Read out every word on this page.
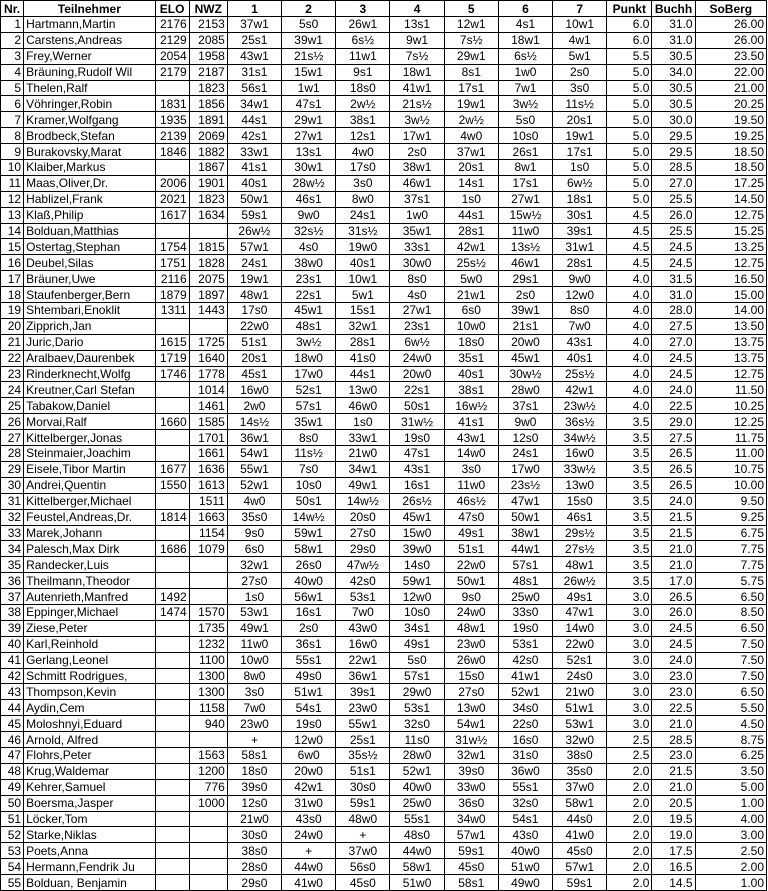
Nr.	Teilnehmer	ELO	NWZ	1	2	3	4	5	6	7	Punkt	Buchh	SoBerg
1	Hartmann,Martin	2176	2153	37w1	5s0	26w1	13s1	12w1	4s1	10w1	6.0	31.0	26.00
2	Carstens,Andreas	2129	2085	25s1	39w1	6s½	9w1	7s½	18w1	4w1	6.0	31.0	26.00
3	Frey,Werner	2054	1958	43w1	21s½	11w1	7s½	29w1	6s½	5w1	5.5	30.5	23.50
4	Bräuning,Rudolf Wil	2179	2187	31s1	15w1	9s1	18w1	8s1	1w0	2s0	5.0	34.0	22.00
5	Thelen,Ralf		1823	56s1	1w1	18s0	41w1	17s1	7w1	3s0	5.0	30.5	21.00
6	Vöhringer,Robin	1831	1856	34w1	47s1	2w½	21s½	19w1	3w½	11s½	5.0	30.5	20.25
7	Kramer,Wolfgang	1935	1891	44s1	29w1	38s1	3w½	2w½	5s0	20s1	5.0	30.0	19.50
8	Brodbeck,Stefan	2139	2069	42s1	27w1	12s1	17w1	4w0	10s0	19w1	5.0	29.5	19.25
9	Burakovsky,Marat	1846	1882	33w1	13s1	4w0	2s0	37w1	26s1	17s1	5.0	29.5	18.50
10	Klaiber,Markus		1867	41s1	30w1	17s0	38w1	20s1	8w1	1s0	5.0	28.5	18.50
11	Maas,Oliver,Dr.	2006	1901	40s1	28w½	3s0	46w1	14s1	17s1	6w½	5.0	27.0	17.25
12	Hablizel,Frank	2021	1823	50w1	46s1	8w0	37s1	1s0	27w1	18s1	5.0	25.5	14.50
13	Klaß,Philip	1617	1634	59s1	9w0	24s1	1w0	44s1	15w½	30s1	4.5	26.0	12.75
14	Bolduan,Matthias			26w½	32s½	31s½	35w1	28s1	11w0	39s1	4.5	25.5	15.25
15	Ostertag,Stephan	1754	1815	57w1	4s0	19w0	33s1	42w1	13s½	31w1	4.5	24.5	13.25
16	Deubel,Silas	1751	1828	24s1	38w0	40s1	30w0	25s½	46w1	28s1	4.5	24.5	12.75
17	Bräuner,Uwe	2116	2075	19w1	23s1	10w1	8s0	5w0	29s1	9w0	4.0	31.5	16.50
18	Staufenberger,Bern	1879	1897	48w1	22s1	5w1	4s0	21w1	2s0	12w0	4.0	31.0	15.00
19	Shtembari,Enoklit	1311	1443	17s0	45w1	15s1	27w1	6s0	39w1	8s0	4.0	28.0	14.00
20	Zipprich,Jan			22w0	48s1	32w1	23s1	10w0	21s1	7w0	4.0	27.5	13.50
21	Juric,Dario	1615	1725	51s1	3w½	28s1	6w½	18s0	20w0	43s1	4.0	27.0	13.75
22	Aralbaev,Daurenbek	1719	1640	20s1	18w0	41s0	24w0	35s1	45w1	40s1	4.0	24.5	13.75
23	Rinderknecht,Wolfg	1746	1778	45s1	17w0	44s1	20w0	40s1	30w½	25s½	4.0	24.5	12.75
24	Kreutner,Carl Stefan		1014	16w0	52s1	13w0	22s1	38s1	28w0	42w1	4.0	24.0	11.50
25	Tabakow,Daniel		1461	2w0	57s1	46w0	50s1	16w½	37s1	23w½	4.0	22.5	10.25
26	Morvai,Ralf	1660	1585	14s½	35w1	1s0	31w½	41s1	9w0	36s½	3.5	29.0	12.25
27	Kittelberger,Jonas		1701	36w1	8s0	33w1	19s0	43w1	12s0	34w½	3.5	27.5	11.75
28	Steinmaier,Joachim		1661	54w1	11s½	21w0	47s1	14w0	24s1	16w0	3.5	26.5	11.00
29	Eisele,Tibor Martin	1677	1636	55w1	7s0	34w1	43s1	3s0	17w0	33w½	3.5	26.5	10.75
30	Andrei,Quentin	1550	1613	52w1	10s0	49w1	16s1	11w0	23s½	13w0	3.5	26.5	10.00
31	Kittelberger,Michael		1511	4w0	50s1	14w½	26s½	46s½	47w1	15s0	3.5	24.0	9.50
32	Feustel,Andreas,Dr.	1814	1663	35s0	14w½	20s0	45w1	47s0	50w1	46s1	3.5	21.5	9.25
33	Marek,Johann		1154	9s0	59w1	27s0	15w0	49s1	38w1	29s½	3.5	21.5	6.75
34	Palesch,Max Dirk	1686	1079	6s0	58w1	29s0	39w0	51s1	44w1	27s½	3.5	21.0	7.75
35	Randecker,Luis			32w1	26s0	47w½	14s0	22w0	57s1	48w1	3.5	21.0	7.75
36	Theilmann,Theodor			27s0	40w0	42s0	59w1	50w1	48s1	26w½	3.5	17.0	5.75
37	Autenrieth,Manfred	1492		1s0	56w1	53s1	12w0	9s0	25w0	49s1	3.0	26.5	6.50
38	Eppinger,Michael	1474	1570	53w1	16s1	7w0	10s0	24w0	33s0	47w1	3.0	26.0	8.50
39	Ziese,Peter		1735	49w1	2s0	43w0	34s1	48w1	19s0	14w0	3.0	24.5	6.50
40	Karl,Reinhold		1232	11w0	36s1	16w0	49s1	23w0	53s1	22w0	3.0	24.5	7.50
41	Gerlang,Leonel		1100	10w0	55s1	22w1	5s0	26w0	42s0	52s1	3.0	24.0	7.50
42	Schmitt Rodrigues,		1300	8w0	49s0	36w1	57s1	15s0	41w1	24s0	3.0	23.0	7.50
43	Thompson,Kevin		1300	3s0	51w1	39s1	29w0	27s0	52w1	21w0	3.0	23.0	6.50
44	Aydin,Cem		1158	7w0	54s1	23w0	53s1	13w0	34s0	51w1	3.0	22.5	5.50
45	Moloshnyi,Eduard		940	23w0	19s0	55w1	32s0	54w1	22s0	53w1	3.0	21.0	4.50
46	Arnold, Alfred			+	12w0	25s1	11s0	31w½	16s0	32w0	2.5	28.5	8.75
47	Flohrs,Peter		1563	58s1	6w0	35s½	28w0	32w1	31s0	38s0	2.5	23.0	6.25
48	Krug,Waldemar		1200	18s0	20w0	51s1	52w1	39s0	36w0	35s0	2.0	21.5	3.50
49	Kehrer,Samuel		776	39s0	42w1	30s0	40w0	33w0	55s1	37w0	2.0	21.0	5.00
50	Boersma,Jasper		1000	12s0	31w0	59s1	25w0	36s0	32s0	58w1	2.0	20.5	1.00
51	Löcker,Tom			21w0	43s0	48w0	55s1	34w0	54s1	44s0	2.0	19.5	4.00
52	Starke,Niklas			30s0	24w0	+	48s0	57w1	43s0	41w0	2.0	19.0	3.00
53	Poets,Anna			38s0	+	37w0	44w0	59s1	40w0	45s0	2.0	17.5	2.50
54	Hermann,Fendrik Ju			28s0	44w0	56s0	58w1	45s0	51w0	57w1	2.0	16.5	2.00
55	Bolduan, Benjamin			29s0	41w0	45s0	51w0	58s1	49w0	59s1	2.0	14.5	1.00
